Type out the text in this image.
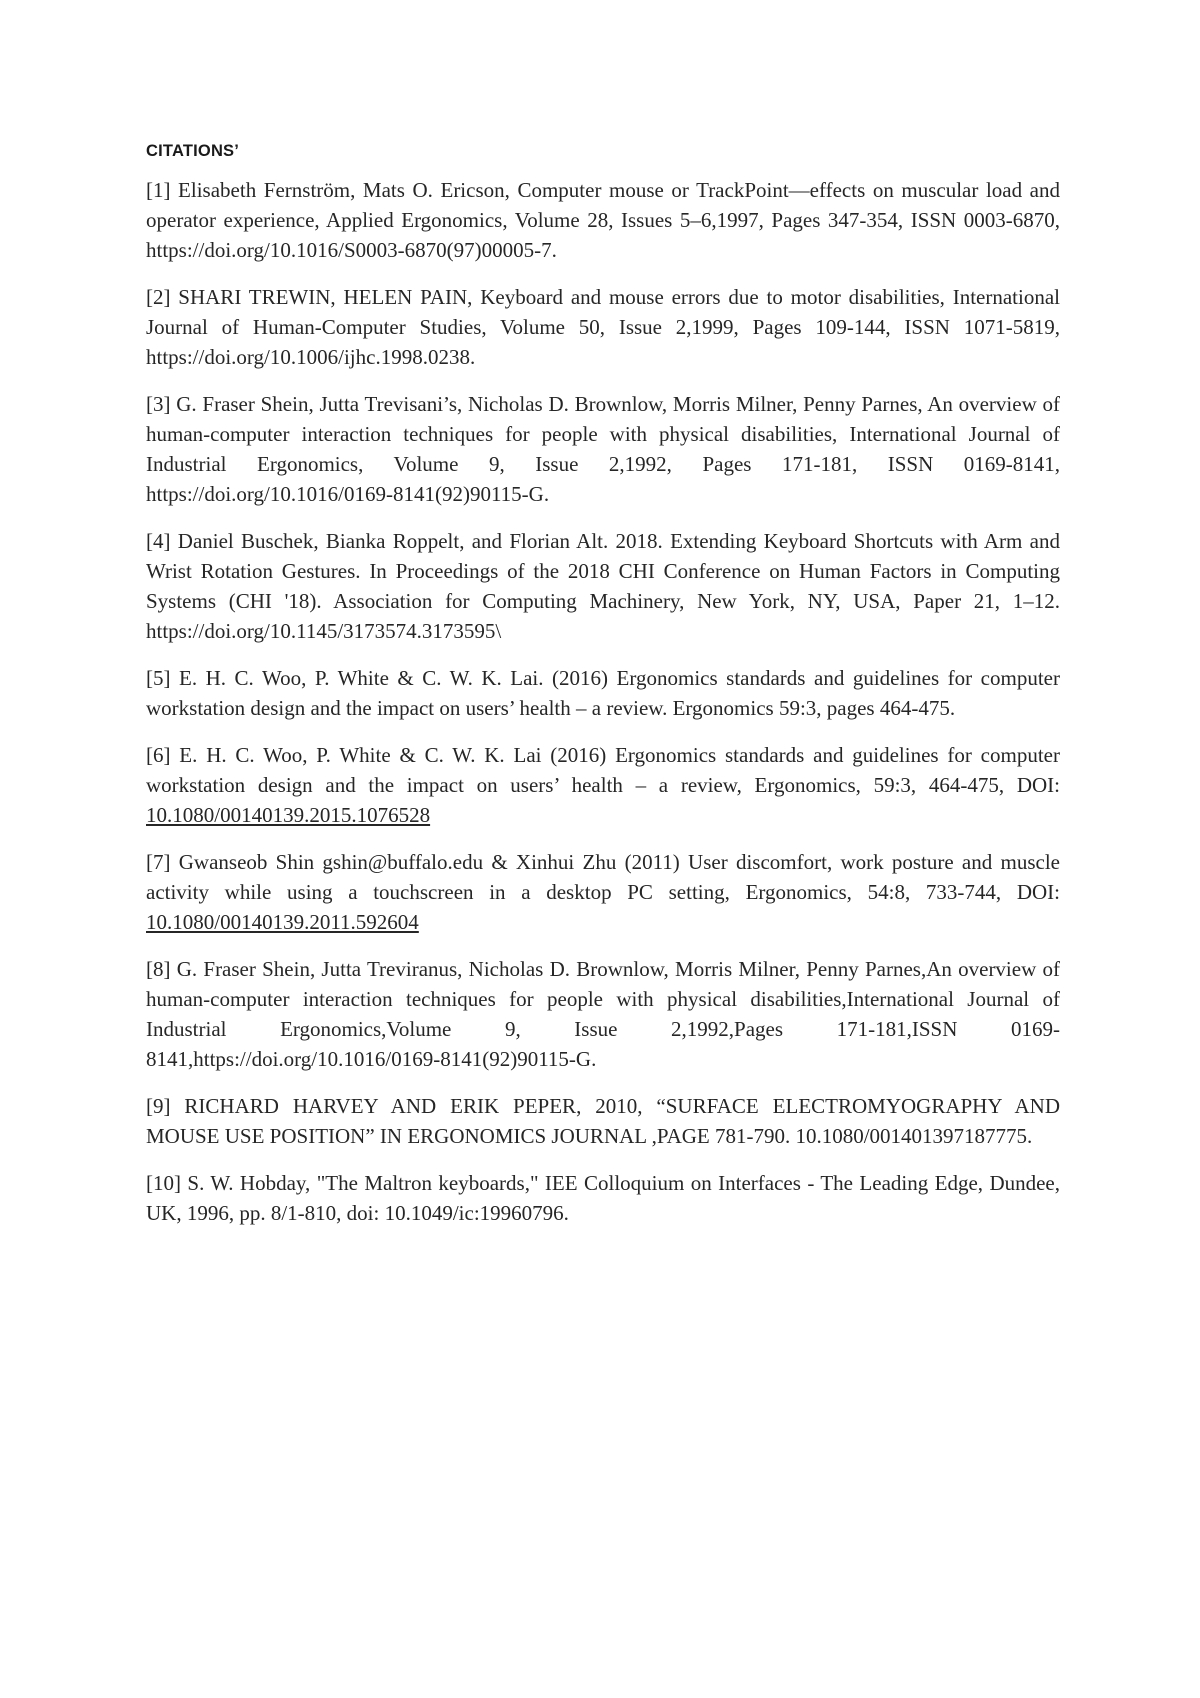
CITATIONS’
[1] Elisabeth Fernström, Mats O. Ericson, Computer mouse or TrackPoint—effects on muscular load and operator experience, Applied Ergonomics, Volume 28, Issues 5–6,1997, Pages 347-354, ISSN 0003-6870, https://doi.org/10.1016/S0003-6870(97)00005-7.
[2] SHARI TREWIN, HELEN PAIN, Keyboard and mouse errors due to motor disabilities, International Journal of Human-Computer Studies, Volume 50, Issue 2,1999, Pages 109-144, ISSN 1071-5819, https://doi.org/10.1006/ijhc.1998.0238.
[3] G. Fraser Shein, Jutta Trevisani’s, Nicholas D. Brownlow, Morris Milner, Penny Parnes, An overview of human-computer interaction techniques for people with physical disabilities, International Journal of Industrial Ergonomics, Volume 9, Issue 2,1992, Pages 171-181, ISSN 0169-8141, https://doi.org/10.1016/0169-8141(92)90115-G.
[4] Daniel Buschek, Bianka Roppelt, and Florian Alt. 2018. Extending Keyboard Shortcuts with Arm and Wrist Rotation Gestures. In Proceedings of the 2018 CHI Conference on Human Factors in Computing Systems (CHI '18). Association for Computing Machinery, New York, NY, USA, Paper 21, 1–12. https://doi.org/10.1145/3173574.3173595\
[5] E. H. C. Woo, P. White & C. W. K. Lai. (2016) Ergonomics standards and guidelines for computer workstation design and the impact on users’ health – a review. Ergonomics 59:3, pages 464-475.
[6] E. H. C. Woo, P. White & C. W. K. Lai (2016) Ergonomics standards and guidelines for computer workstation design and the impact on users’ health – a review, Ergonomics, 59:3, 464-475, DOI: 10.1080/00140139.2015.1076528
[7] Gwanseob Shin gshin@buffalo.edu & Xinhui Zhu (2011) User discomfort, work posture and muscle activity while using a touchscreen in a desktop PC setting, Ergonomics, 54:8, 733-744, DOI: 10.1080/00140139.2011.592604
[8] G. Fraser Shein, Jutta Treviranus, Nicholas D. Brownlow, Morris Milner, Penny Parnes,An overview of human-computer interaction techniques for people with physical disabilities,International Journal of Industrial Ergonomics,Volume 9, Issue 2,1992,Pages 171-181,ISSN 0169-8141,https://doi.org/10.1016/0169-8141(92)90115-G.
[9] RICHARD HARVEY AND ERIK PEPER, 2010, “SURFACE ELECTROMYOGRAPHY AND MOUSE USE POSITION” IN ERGONOMICS JOURNAL ,PAGE 781-790. 10.1080/001401397187775.
[10] S. W. Hobday, "The Maltron keyboards," IEE Colloquium on Interfaces - The Leading Edge, Dundee, UK, 1996, pp. 8/1-810, doi: 10.1049/ic:19960796.
